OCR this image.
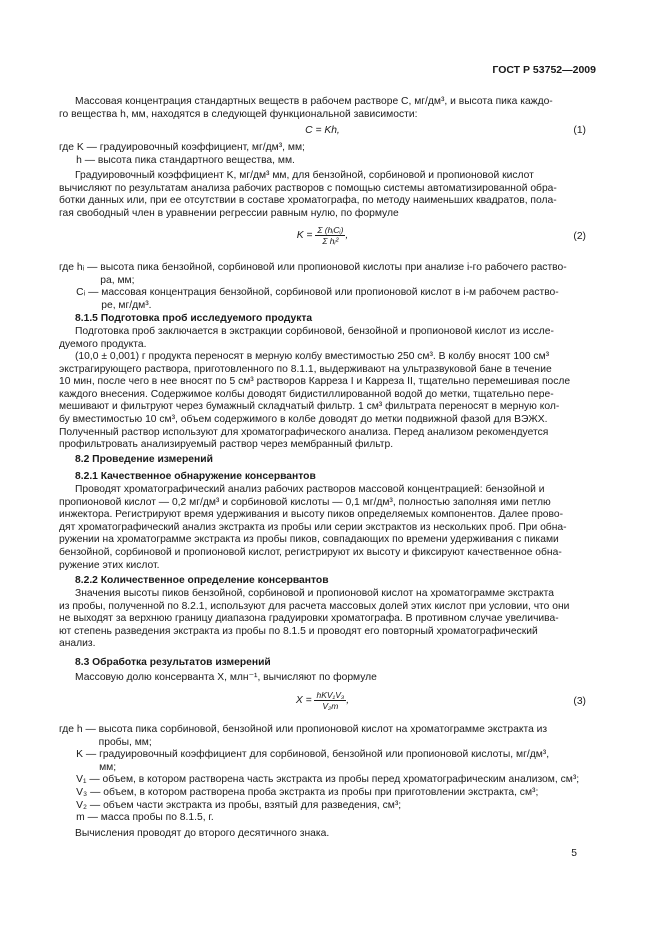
ГОСТ Р 53752—2009
Массовая концентрация стандартных веществ в рабочем растворе С, мг/дм³, и высота пика каждо-
го вещества h, мм, находятся в следующей функциональной зависимости:
C = Kh,	(1)
где K — градуировочный коэффициент, мг/дм³, мм;
h — высота пика стандартного вещества, мм.
Градуировочный коэффициент K, мг/дм³ мм, для бензойной, сорбиновой и пропионовой кислот
вычисляют по результатам анализа рабочих растворов с помощью системы автоматизированной обра-
ботки данных или, при ее отсутствии в составе хроматографа, по методу наименьших квадратов, пола-
гая свободный член в уравнении регрессии равным нулю, по формуле
$K = \frac{\text{Σ (hᵢCᵢ)}}{\text{Σ hᵢ²}}$ ,	(2)
где hᵢ — высота пика бензойной, сорбиновой или пропионовой кислоты при анализе i-го рабочего раство-
ра, мм;
Cᵢ — массовая концентрация бензойной, сорбиновой или пропионовой кислот в i-м рабочем раство-
ре, мг/дм³.
8.1.5 Подготовка проб исследуемого продукта
Подготовка проб заключается в экстракции сорбиновой, бензойной и пропионовой кислот из иссле-
дуемого продукта.
(10,0 ± 0,001) г продукта переносят в мерную колбу вместимостью 250 см³. В колбу вносят 100 см³
экстрагирующего раствора, приготовленного по 8.1.1, выдерживают на ультразвуковой бане в течение
10 мин, после чего в нее вносят по 5 см³ растворов Карреза I и Карреза II, тщательно перемешивая после
каждого внесения. Содержимое колбы доводят бидистиллированной водой до метки, тщательно пере-
мешивают и фильтруют через бумажный складчатый фильтр. 1 см³ фильтрата переносят в мерную кол-
бу вместимостью 10 см³, объем содержимого в колбе доводят до метки подвижной фазой для ВЭЖХ.
Полученный раствор используют для хроматографического анализа. Перед анализом рекомендуется
профильтровать анализируемый раствор через мембранный фильтр.
8.2 Проведение измерений
8.2.1 Качественное обнаружение консервантов
Проводят хроматографический анализ рабочих растворов массовой концентрацией: бензойной и
пропионовой кислот — 0,2 мг/дм³ и сорбиновой кислоты — 0,1 мг/дм³, полностью заполняя ими петлю
инжектора. Регистрируют время удерживания и высоту пиков определяемых компонентов. Далее прово-
дят хроматографический анализ экстракта из пробы или серии экстрактов из нескольких проб. При обна-
ружении на хроматограмме экстракта из пробы пиков, совпадающих по времени удерживания с пиками
бензойной, сорбиновой и пропионовой кислот, регистрируют их высоту и фиксируют качественное обна-
ружение этих кислот.
8.2.2 Количественное определение консервантов
Значения высоты пиков бензойной, сорбиновой и пропионовой кислот на хроматограмме экстракта
из пробы, полученной по 8.2.1, используют для расчета массовых долей этих кислот при условии, что они
не выходят за верхнюю границу диапазона градуировки хроматографа. В противном случае увеличива-
ют степень разведения экстракта из пробы по 8.1.5 и проводят его повторный хроматографический
анализ.
8.3 Обработка результатов измерений
Массовую долю консерванта X, млн⁻¹, вычисляют по формуле
$X = \frac{\text{hKV₁V₃}}{\text{V₂m}}$ ,	(3)
где h — высота пика сорбиновой, бензойной или пропионовой кислот на хроматограмме экстракта из
пробы, мм;
K — градуировочный коэффициент для сорбиновой, бензойной или пропионовой кислоты, мг/дм³,
мм;
V₁ — объем, в котором растворена часть экстракта из пробы перед хроматографическим анализом, см³;
V₃ — объем, в котором растворена проба экстракта из пробы при приготовлении экстракта, см³;
V₂ — объем части экстракта из пробы, взятый для разведения, см³;
m — масса пробы по 8.1.5, г.
Вычисления проводят до второго десятичного знака.
5
